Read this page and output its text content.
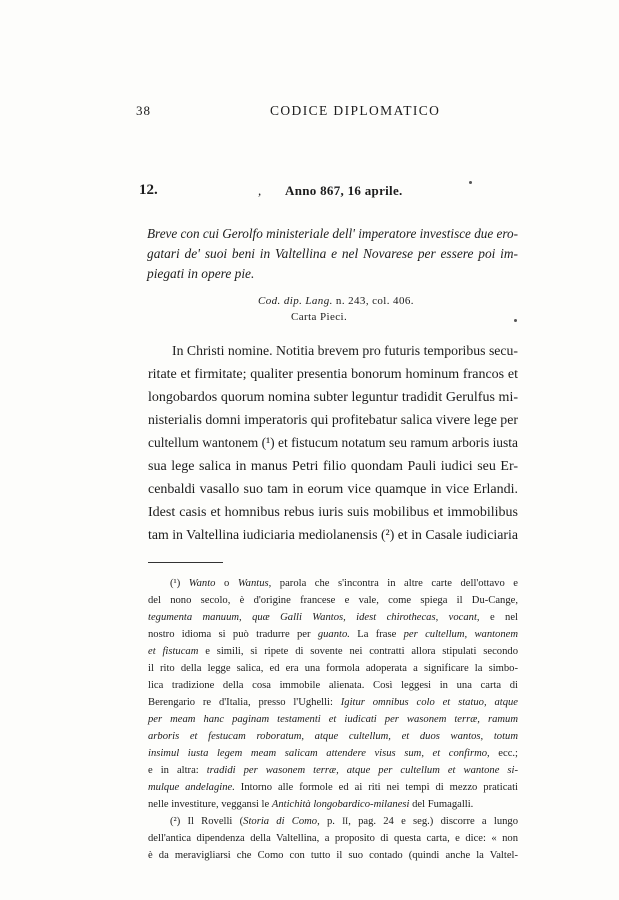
38	CODICE DIPLOMATICO
12.	, Anno 867, 16 aprile.
Breve con cui Gerolfo ministeriale dell' imperatore investisce due ero-
gatari de' suoi beni in Valtellina e nel Novarese per essere poi im-
piegati in opere pie.
Cod. dip. Lang. n. 243, col. 406.
Carta Pieci.
In Christi nomine. Notitia brevem pro futuris temporibus secu-
ritate et firmitate; qualiter presentia bonorum hominum francos et
longobardos quorum nomina subter leguntur tradidit Gerulfus mi-
nisterialis domni imperatoris qui profitebatur salica vivere lege per
cultellum wantonem (¹) et fistucum notatum seu ramum arboris iusta
sua lege salica in manus Petri filio quondam Pauli iudici seu Er-
cenbaldi vasallo suo tam in eorum vice quamque in vice Erlandi.
Idest casis et homnibus rebus iuris suis mobilibus et immobilibus
tam in Valtellina iudiciaria mediolanensis (²) et in Casale iudiciaria
(¹) Wanto o Wantus, parola che s'incontra in altre carte dell'ottavo e
del nono secolo, è d'origine francese e vale, come spiega il Du-Cange,
tegumenta manuum, quæ Galli Wantos, idest chirothecas, vocant, e nel
nostro idioma si può tradurre per guanto. La frase per cultellum, wantonem
et fistucam e simili, si ripete di sovente nei contratti allora stipulati secondo
il rito della legge salica, ed era una formola adoperata a significare la simbo-
lica tradizione della cosa immobile alienata. Così leggesi in una carta di
Berengario re d'Italia, presso l'Ughelli: Igitur omnibus colo et statuo, atque
per meam hanc paginam testamenti et iudicati per wasonem terræ, ramum
arboris et festucam roboratum, atque cultellum, et duos wantos, totum
insimul iusta legem meam salicam attendere visus sum, et confirmo, ecc.;
e in altra: tradidi per wasonem terræ, atque per cultellum et wantone si-
mulque andelagine. Intorno alle formole ed ai riti nei tempi di mezzo praticati
nelle investiture, veggansi le Antichità longobardico-milanesi del Fumagalli.
(²) Il Rovelli (Storia di Como, p. II, pag. 24 e seg.) discorre a lungo
dell'antica dipendenza della Valtellina, a proposito di questa carta, e dice: « non
è da meravigliarsi che Como con tutto il suo contado (quindi anche la Valtel-
